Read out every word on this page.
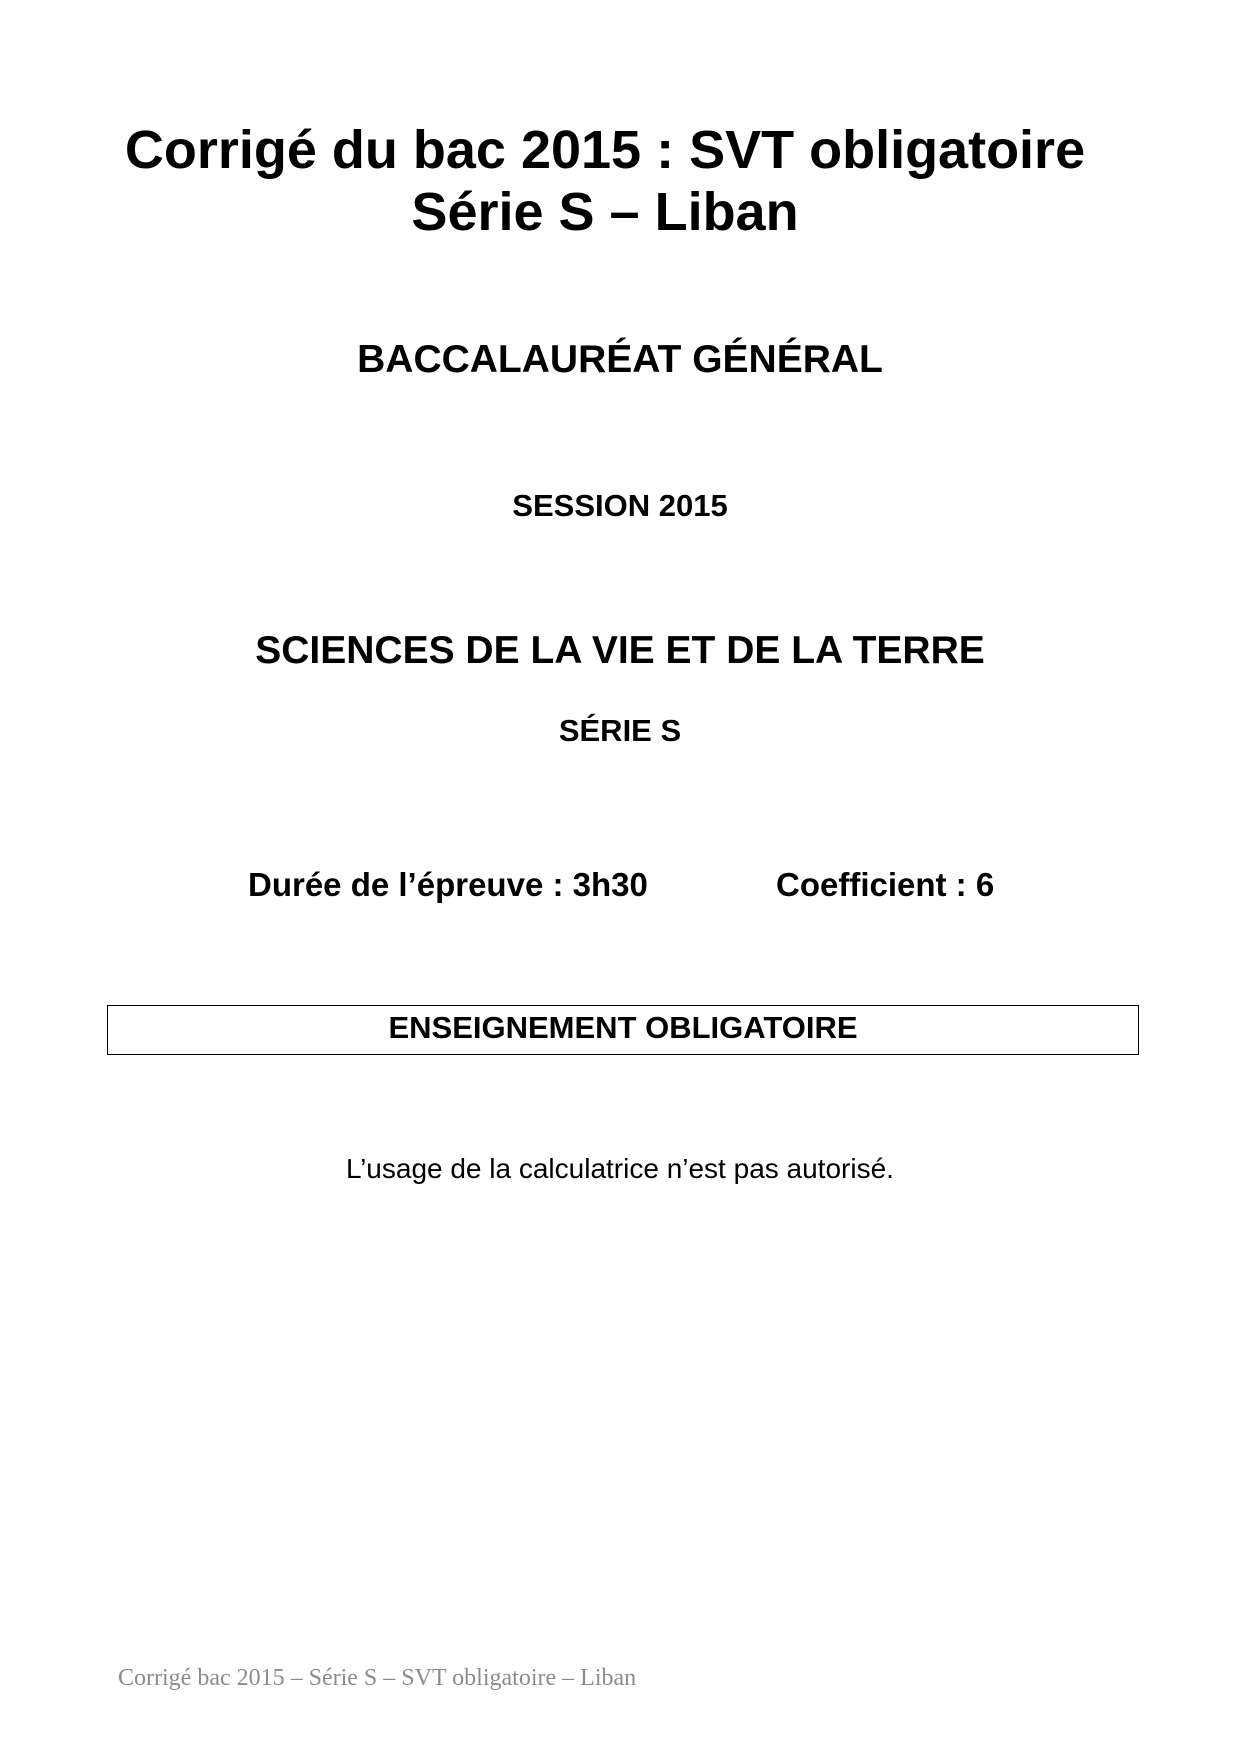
Corrigé du bac 2015 : SVT obligatoire
Série S – Liban
BACCALAURÉAT GÉNÉRAL
SESSION 2015
SCIENCES DE LA VIE ET DE LA TERRE
SÉRIE S
Durée de l’épreuve : 3h30	Coefficient : 6
ENSEIGNEMENT OBLIGATOIRE
L’usage de la calculatrice n’est pas autorisé.
Corrigé bac 2015 – Série S – SVT obligatoire – Liban
